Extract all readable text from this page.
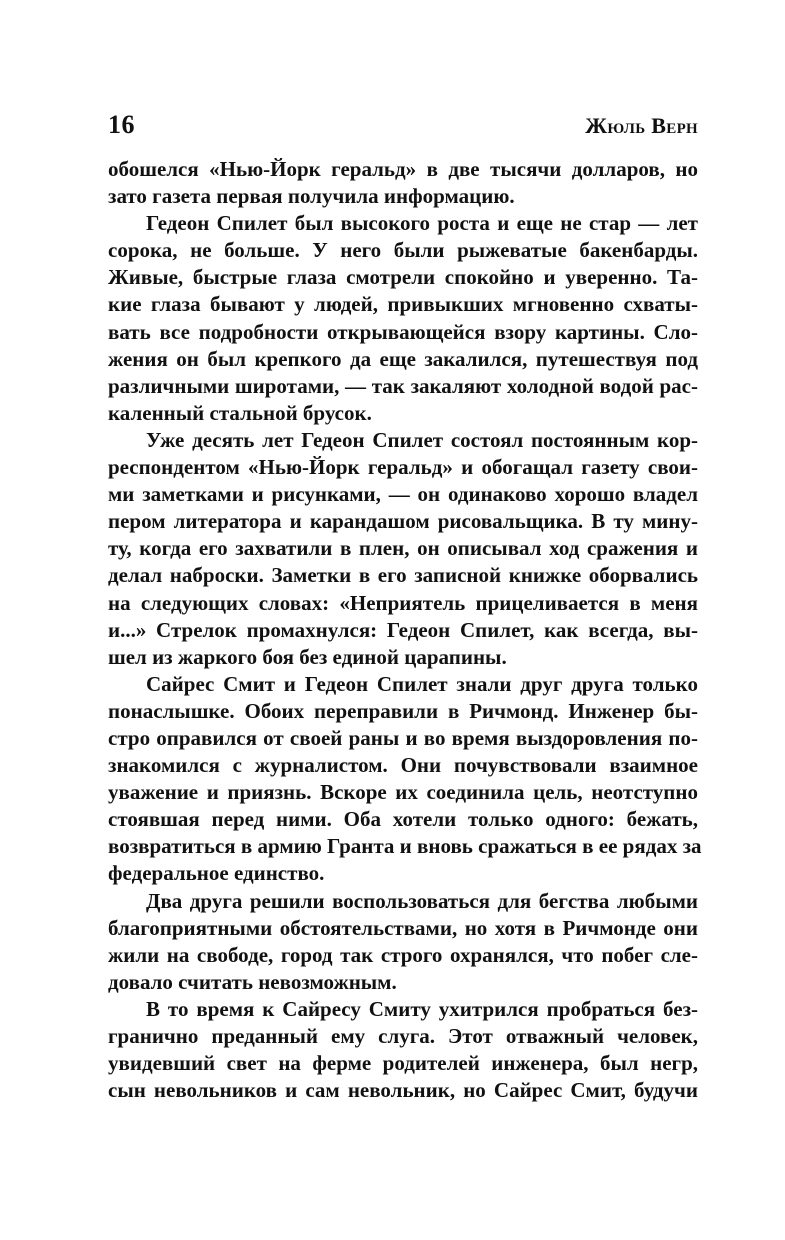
16	Жюль Верн
обошелся «Нью-Йорк геральд» в две тысячи долларов, но
зато газета первая получила информацию.
Гедеон Спилет был высокого роста и еще не стар — лет
сорока, не больше. У него были рыжеватые бакенбарды.
Живые, быстрые глаза смотрели спокойно и уверенно. Та-
кие глаза бывают у людей, привыкших мгновенно схваты-
вать все подробности открывающейся взору картины. Сло-
жения он был крепкого да еще закалился, путешествуя под
различными широтами, — так закаляют холодной водой рас-
каленный стальной брусок.
Уже десять лет Гедеон Спилет состоял постоянным кор-
респондентом «Нью-Йорк геральд» и обогащал газету свои-
ми заметками и рисунками, — он одинаково хорошо владел
пером литератора и карандашом рисовальщика. В ту мину-
ту, когда его захватили в плен, он описывал ход сражения и
делал наброски. Заметки в его записной книжке оборвались
на следующих словах: «Неприятель прицеливается в меня
и...» Стрелок промахнулся: Гедеон Спилет, как всегда, вы-
шел из жаркого боя без единой царапины.
Сайрес Смит и Гедеон Спилет знали друг друга только
понаслышке. Обоих переправили в Ричмонд. Инженер бы-
стро оправился от своей раны и во время выздоровления по-
знакомился с журналистом. Они почувствовали взаимное
уважение и приязнь. Вскоре их соединила цель, неотступно
стоявшая перед ними. Оба хотели только одного: бежать,
возвратиться в армию Гранта и вновь сражаться в ее рядах за
федеральное единство.
Два друга решили воспользоваться для бегства любыми
благоприятными обстоятельствами, но хотя в Ричмонде они
жили на свободе, город так строго охранялся, что побег сле-
довало считать невозможным.
В то время к Сайресу Смиту ухитрился пробраться без-
гранично преданный ему слуга. Этот отважный человек,
увидевший свет на ферме родителей инженера, был негр,
сын невольников и сам невольник, но Сайрес Смит, будучи
